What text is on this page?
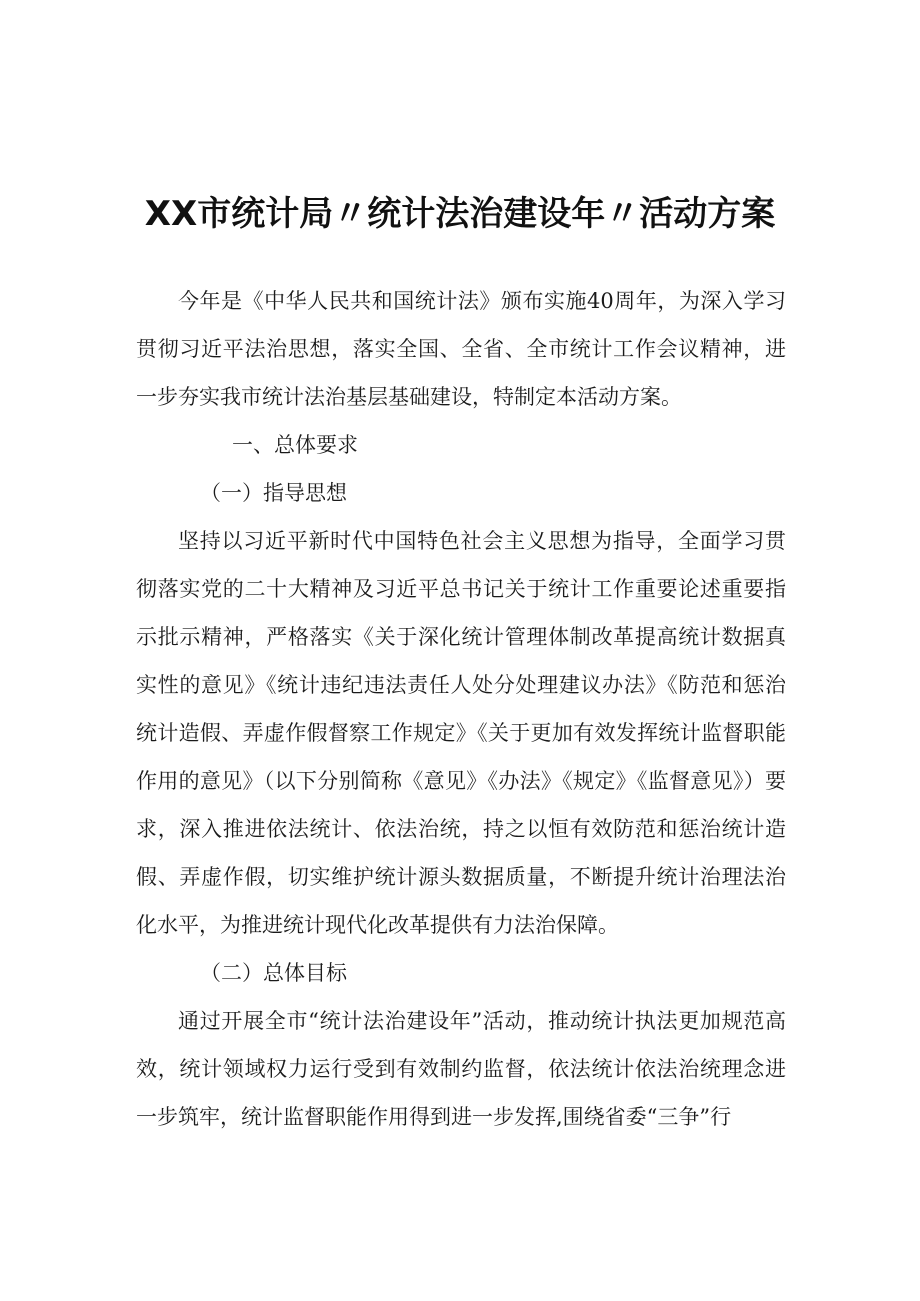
XX市统计局〃统计法治建设年〃活动方案

今年是《中华人民共和国统计法》颁布实施40周年，为深入学习贯彻习近平法治思想，落实全国、全省、全市统计工作会议精神，进一步夯实我市统计法治基层基础建设，特制定本活动方案。

一、总体要求

（一）指导思想

坚持以习近平新时代中国特色社会主义思想为指导，全面学习贯彻落实党的二十大精神及习近平总书记关于统计工作重要论述重要指示批示精神，严格落实《关于深化统计管理体制改革提高统计数据真实性的意见》《统计违纪违法责任人处分处理建议办法》《防范和惩治统计造假、弄虚作假督察工作规定》《关于更加有效发挥统计监督职能作用的意见》（以下分别简称《意见》《办法》《规定》《监督意见》）要求，深入推进依法统计、依法治统，持之以恒有效防范和惩治统计造假、弄虚作假，切实维护统计源头数据质量，不断提升统计治理法治化水平，为推进统计现代化改革提供有力法治保障。

（二）总体目标

通过开展全市“统计法治建设年”活动，推动统计执法更加规范高效，统计领域权力运行受到有效制约监督，依法统计依法治统理念进一步筑牢，统计监督职能作用得到进一步发挥,围绕省委“三争”行
